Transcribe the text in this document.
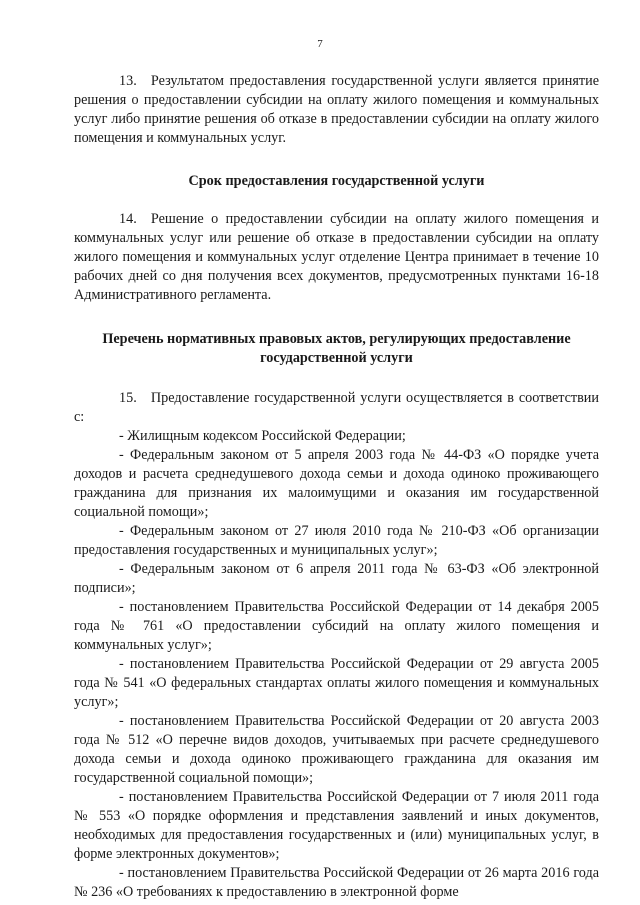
7

13. Результатом предоставления государственной услуги является принятие решения о предоставлении субсидии на оплату жилого помещения и коммунальных услуг либо принятие решения об отказе в предоставлении субсидии на оплату жилого помещения и коммунальных услуг.

Срок предоставления государственной услуги

14. Решение о предоставлении субсидии на оплату жилого помещения и коммунальных услуг или решение об отказе в предоставлении субсидии на оплату жилого помещения и коммунальных услуг отделение Центра принимает в течение 10 рабочих дней со дня получения всех документов, предусмотренных пунктами 16-18 Административного регламента.

Перечень нормативных правовых актов, регулирующих предоставление государственной услуги

15. Предоставление государственной услуги осуществляется в соответствии с:

- Жилищным кодексом Российской Федерации;

- Федеральным законом от 5 апреля 2003 года № 44-ФЗ «О порядке учета доходов и расчета среднедушевого дохода семьи и дохода одиноко проживающего гражданина для признания их малоимущими и оказания им государственной социальной помощи»;

- Федеральным законом от 27 июля 2010 года № 210-ФЗ «Об организации предоставления государственных и муниципальных услуг»;

- Федеральным законом от 6 апреля 2011 года № 63-ФЗ «Об электронной подписи»;

- постановлением Правительства Российской Федерации от 14 декабря 2005 года № 761 «О предоставлении субсидий на оплату жилого помещения и коммунальных услуг»;

- постановлением Правительства Российской Федерации от 29 августа 2005 года № 541 «О федеральных стандартах оплаты жилого помещения и коммунальных услуг»;

- постановлением Правительства Российской Федерации от 20 августа 2003 года № 512 «О перечне видов доходов, учитываемых при расчете среднедушевого дохода семьи и дохода одиноко проживающего гражданина для оказания им государственной социальной помощи»;

- постановлением Правительства Российской Федерации от 7 июля 2011 года № 553 «О порядке оформления и представления заявлений и иных документов, необходимых для предоставления государственных и (или) муниципальных услуг, в форме электронных документов»;

- постановлением Правительства Российской Федерации от 26 марта 2016 года № 236 «О требованиях к предоставлению в электронной форме
